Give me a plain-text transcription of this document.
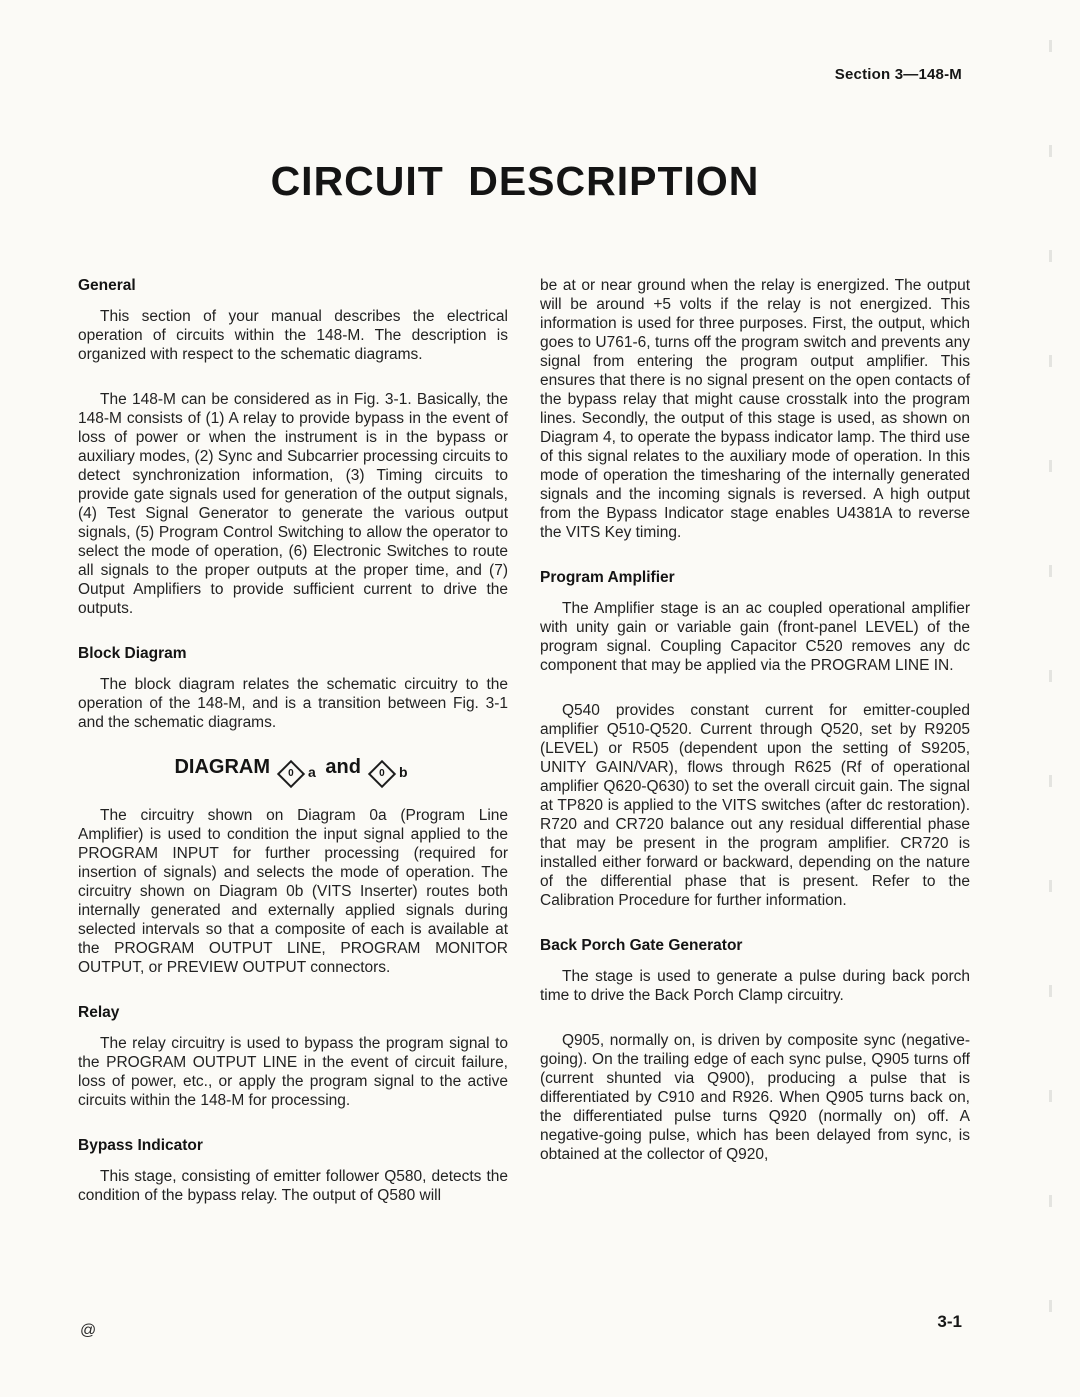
Section 3—148-M
CIRCUIT DESCRIPTION
General

This section of your manual describes the electrical operation of circuits within the 148-M. The description is organized with respect to the schematic diagrams.

The 148-M can be considered as in Fig. 3-1. Basically, the 148-M consists of (1) A relay to provide bypass in the event of loss of power or when the instrument is in the bypass or auxiliary modes, (2) Sync and Subcarrier processing circuits to detect synchronization information, (3) Timing circuits to provide gate signals used for generation of the output signals, (4) Test Signal Generator to generate the various output signals, (5) Program Control Switching to allow the operator to select the mode of operation, (6) Electronic Switches to route all signals to the proper outputs at the proper time, and (7) Output Amplifiers to provide sufficient current to drive the outputs.

Block Diagram

The block diagram relates the schematic circuitry to the operation of the 148-M, and is a transition between Fig. 3-1 and the schematic diagrams.

DIAGRAM 0 $_a$ and 0 $_b$

The circuitry shown on Diagram 0a (Program Line Amplifier) is used to condition the input signal applied to the PROGRAM INPUT for further processing (required for insertion of signals) and selects the mode of operation. The circuitry shown on Diagram 0b (VITS Inserter) routes both internally generated and externally applied signals during selected intervals so that a composite of each is available at the PROGRAM OUTPUT LINE, PROGRAM MONITOR OUTPUT, or PREVIEW OUTPUT connectors.

Relay

The relay circuitry is used to bypass the program signal to the PROGRAM OUTPUT LINE in the event of circuit failure, loss of power, etc., or apply the program signal to the active circuits within the 148-M for processing.

Bypass Indicator

This stage, consisting of emitter follower Q580, detects the condition of the bypass relay. The output of Q580 will

be at or near ground when the relay is energized. The output will be around +5 volts if the relay is not energized. This information is used for three purposes. First, the output, which goes to U761-6, turns off the program switch and prevents any signal from entering the program output amplifier. This ensures that there is no signal present on the open contacts of the bypass relay that might cause crosstalk into the program lines. Secondly, the output of this stage is used, as shown on Diagram 4, to operate the bypass indicator lamp. The third use of this signal relates to the auxiliary mode of operation. In this mode of operation the timesharing of the internally generated signals and the incoming signals is reversed. A high output from the Bypass Indicator stage enables U4381A to reverse the VITS Key timing.

Program Amplifier

The Amplifier stage is an ac coupled operational amplifier with unity gain or variable gain (front-panel LEVEL) of the program signal. Coupling Capacitor C520 removes any dc component that may be applied via the PROGRAM LINE IN.

Q540 provides constant current for emitter-coupled amplifier Q510-Q520. Current through Q520, set by R9205 (LEVEL) or R505 (dependent upon the setting of S9205, UNITY GAIN/VAR), flows through R625 (Rf of operational amplifier Q620-Q630) to set the overall circuit gain. The signal at TP820 is applied to the VITS switches (after dc restoration). R720 and CR720 balance out any residual differential phase that may be present in the program amplifier. CR720 is installed either forward or backward, depending on the nature of the differential phase that is present. Refer to the Calibration Procedure for further information.

Back Porch Gate Generator

The stage is used to generate a pulse during back porch time to drive the Back Porch Clamp circuitry.

Q905, normally on, is driven by composite sync (negative-going). On the trailing edge of each sync pulse, Q905 turns off (current shunted via Q900), producing a pulse that is differentiated by C910 and R926. When Q905 turns back on, the differentiated pulse turns Q920 (normally on) off. A negative-going pulse, which has been delayed from sync, is obtained at the collector of Q920,

@	3-1
